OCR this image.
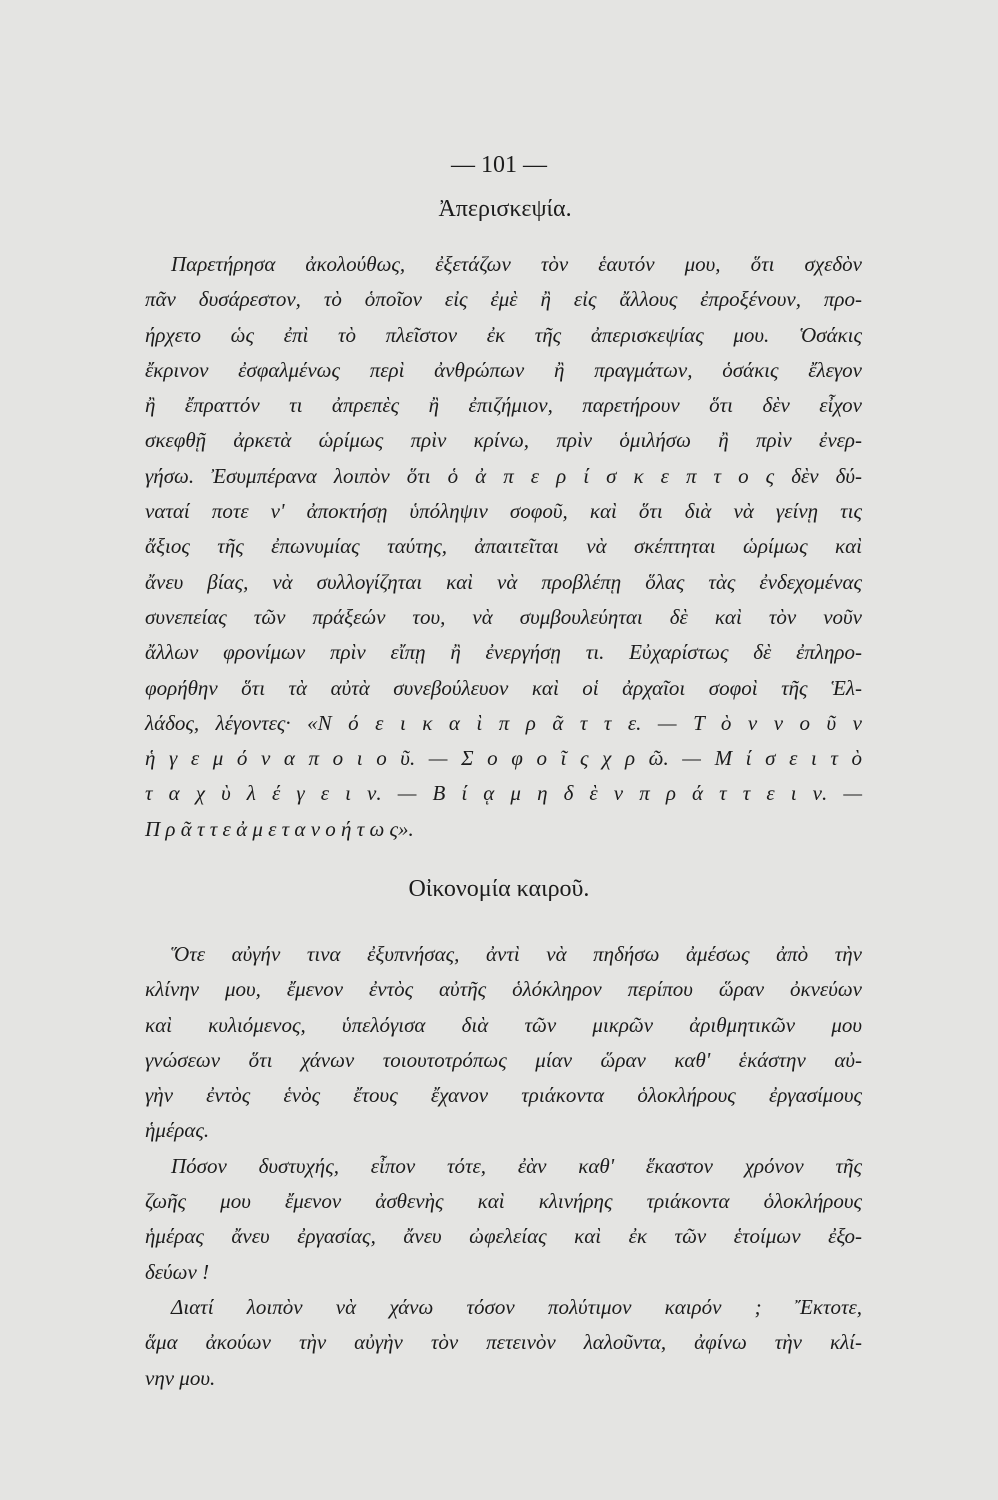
— 101 —
Ἀπερισκεψία.
Παρετήρησα ἀκολούθως, ἐξετάζων τὸν ἑαυτόν μου, ὅτι σχεδὸν
πᾶν δυσάρεστον, τὸ ὁποῖον εἰς ἐμὲ ἢ εἰς ἄλλους ἐπροξένουν, προ-
ήρχετο ὡς ἐπὶ τὸ πλεῖστον ἐκ τῆς ἀπερισκεψίας μου. Ὁσάκις
ἔκρινον ἐσφαλμένως περὶ ἀνθρώπων ἢ πραγμάτων, ὁσάκις ἔλεγον
ἢ ἔπραττόν τι ἀπρεπὲς ἢ ἐπιζήμιον, παρετήρουν ὅτι δὲν εἶχον
σκεφθῇ ἀρκετὰ ὡρίμως πρὶν κρίνω, πρὶν ὁμιλήσω ἢ πρὶν ἐνερ-
γήσω. Ἐσυμπέρανα λοιπὸν ὅτι ὁ ἀ π ε ρ ί σ κ ε π τ ο ς δὲν δύ-
ναταί ποτε ν' ἀποκτήσῃ ὑπόληψιν σοφοῦ, καὶ ὅτι διὰ νὰ γείνῃ τις
ἄξιος τῆς ἐπωνυμίας ταύτης, ἀπαιτεῖται νὰ σκέπτηται ὡρίμως καὶ
ἄνευ βίας, νὰ συλλογίζηται καὶ νὰ προβλέπῃ ὅλας τὰς ἐνδεχομένας
συνεπείας τῶν πράξεών του, νὰ συμβουλεύηται δὲ καὶ τὸν νοῦν
ἄλλων φρονίμων πρὶν εἴπῃ ἢ ἐνεργήσῃ τι. Εὐχαρίστως δὲ ἐπληρο-
φορήθην ὅτι τὰ αὐτὰ συνεβούλευον καὶ οἱ ἀρχαῖοι σοφοὶ τῆς Ἑλ-
λάδος, λέγοντες· «Ν ό ε ι κ α ὶ π ρ ᾶ τ τ ε. — Τ ὸ ν ν ο ῦ ν
ἡ γ ε μ ό ν α π ο ι ο ῦ. — Σ ο φ ο ῖ ς χ ρ ῶ. — Μ ί σ ε ι τ ὸ
τ α χ ὺ λ έ γ ε ι ν. — Β ί ᾳ μ η δ ὲ ν π ρ ά τ τ ε ι ν. —
Π ρ ᾶ τ τ ε ἀ μ ε τ α ν ο ή τ ω ς».
Οἰκονομία καιροῦ.
Ὅτε αὐγήν τινα ἐξυπνήσας, ἀντὶ νὰ πηδήσω ἀμέσως ἀπὸ τὴν
κλίνην μου, ἔμενον ἐντὸς αὐτῆς ὁλόκληρον περίπου ὥραν ὀκνεύων
καὶ κυλιόμενος, ὑπελόγισα διὰ τῶν μικρῶν ἀριθμητικῶν μου
γνώσεων ὅτι χάνων τοιουτοτρόπως μίαν ὥραν καθ' ἑκάστην αὐ-
γὴν ἐντὸς ἑνὸς ἔτους ἔχανον τριάκοντα ὁλοκλήρους ἐργασίμους
ἡμέρας.
Πόσον δυστυχής, εἶπον τότε, ἐὰν καθ' ἕκαστον χρόνον τῆς
ζωῆς μου ἔμενον ἀσθενὴς καὶ κλινήρης τριάκοντα ὁλοκλήρους
ἡμέρας ἄνευ ἐργασίας, ἄνευ ὠφελείας καὶ ἐκ τῶν ἑτοίμων ἐξο-
δεύων !
Διατί λοιπὸν νὰ χάνω τόσον πολύτιμον καιρόν ; Ἔκτοτε,
ἅμα ἀκούων τὴν αὐγὴν τὸν πετεινὸν λαλοῦντα, ἀφίνω τὴν κλί-
νην μου.
